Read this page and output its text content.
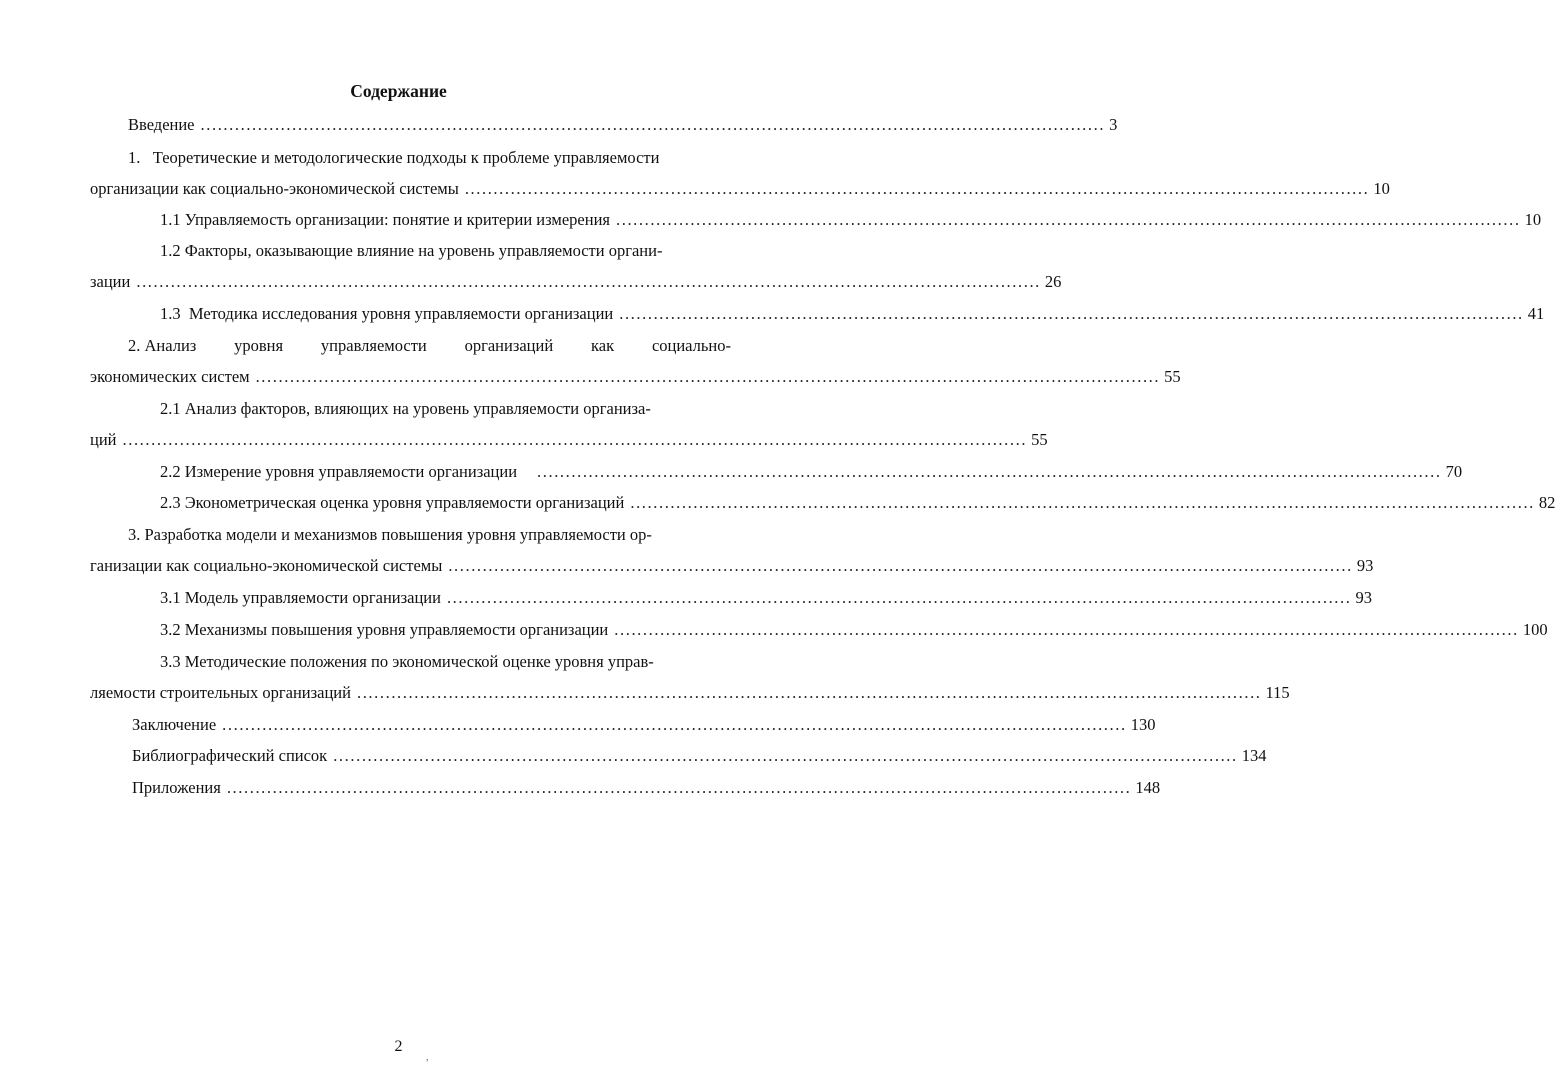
Содержание
Введение .............................................................................................................................................................. 3
1.   Теоретические и методологические подходы к проблеме управляемости
организации как социально-экономической системы .............................................................................................................................................................. 10
1.1 Управляемость организации: понятие и критерии измерения .............................................................................................................................................................. 10
1.2 Факторы, оказывающие влияние на уровень управляемости органи-
зации .............................................................................................................................................................. 26
1.3  Методика исследования уровня управляемости организации .............................................................................................................................................................. 41
2. Анализ уровня управляемости организаций как социально-
экономических систем .............................................................................................................................................................. 55
2.1 Анализ факторов, влияющих на уровень управляемости организа-
ций .............................................................................................................................................................. 55
2.2 Измерение уровня управляемости организации .............................................................................................................................................................. 70
2.3 Эконометрическая оценка уровня управляемости организаций .............................................................................................................................................................. 82
3. Разработка модели и механизмов повышения уровня управляемости ор-
ганизации как социально-экономической системы .............................................................................................................................................................. 93
3.1 Модель управляемости организации .............................................................................................................................................................. 93
3.2 Механизмы повышения уровня управляемости организации .............................................................................................................................................................. 100
3.3 Методические положения по экономической оценке уровня управ-
ляемости строительных организаций .............................................................................................................................................................. 115
Заключение .............................................................................................................................................................. 130
Библиографический список .............................................................................................................................................................. 134
Приложения .............................................................................................................................................................. 148
2
,
